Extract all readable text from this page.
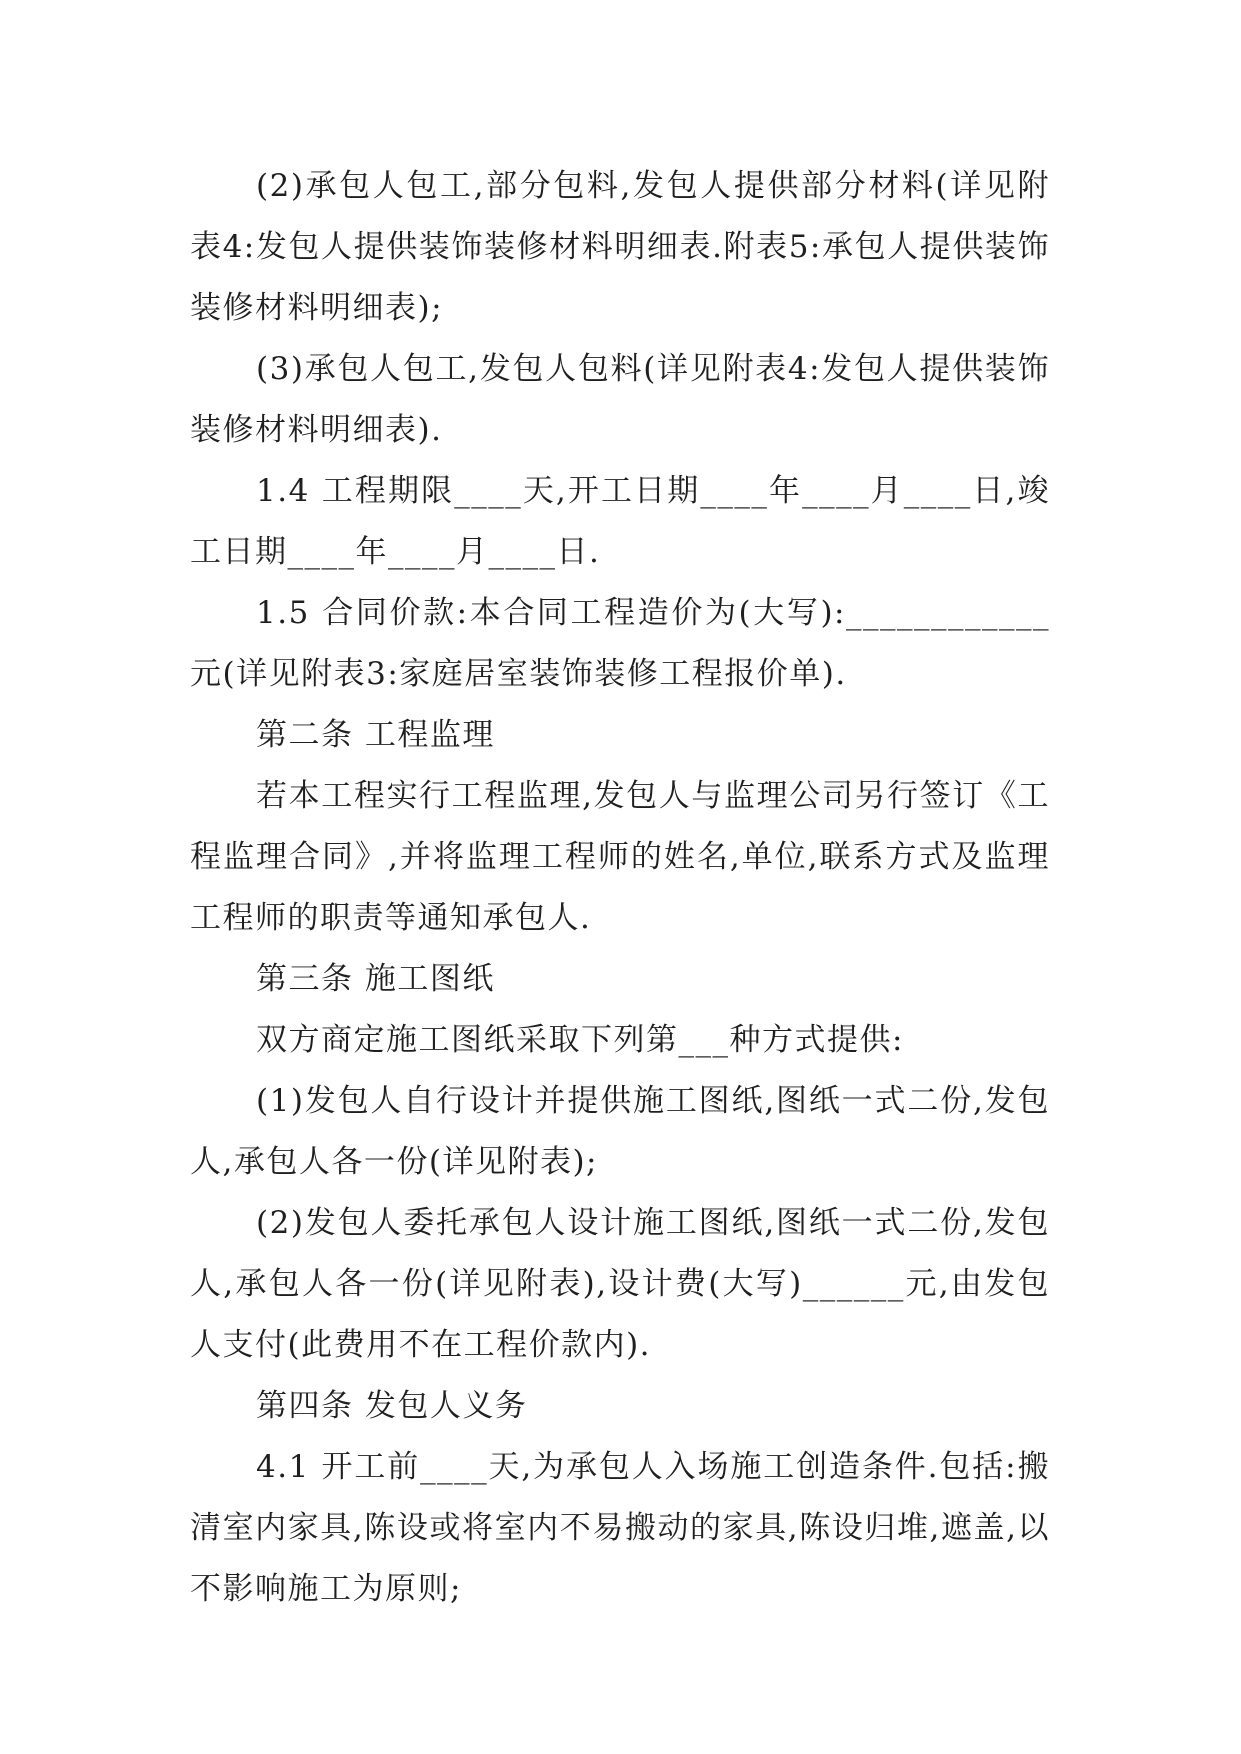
(2)承包人包工,部分包料,发包人提供部分材料(详见附表4:发包人提供装饰装修材料明细表.附表5:承包人提供装饰装修材料明细表);

(3)承包人包工,发包人包料(详见附表4:发包人提供装饰装修材料明细表).

1.4 工程期限____天,开工日期____年____月____日,竣工日期____年____月____日.

1.5 合同价款:本合同工程造价为(大写):____________元(详见附表3:家庭居室装饰装修工程报价单).

第二条 工程监理

若本工程实行工程监理,发包人与监理公司另行签订《工程监理合同》,并将监理工程师的姓名,单位,联系方式及监理工程师的职责等通知承包人.

第三条 施工图纸

双方商定施工图纸采取下列第___种方式提供:

(1)发包人自行设计并提供施工图纸,图纸一式二份,发包人,承包人各一份(详见附表);

(2)发包人委托承包人设计施工图纸,图纸一式二份,发包人,承包人各一份(详见附表),设计费(大写)______元,由发包人支付(此费用不在工程价款内).

第四条 发包人义务

4.1 开工前____天,为承包人入场施工创造条件.包括:搬清室内家具,陈设或将室内不易搬动的家具,陈设归堆,遮盖,以不影响施工为原则;
